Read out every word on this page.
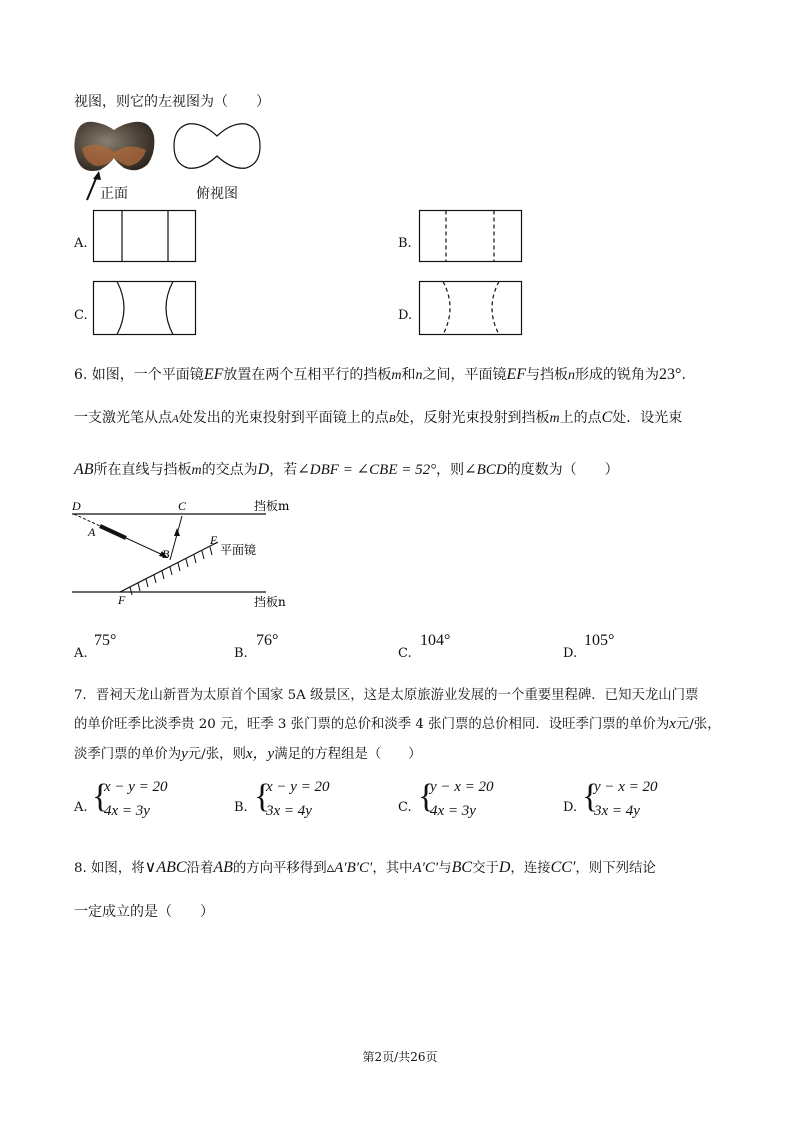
视图，则它的左视图为（　　）
正面	俯视图
A.	B.
C.	D.
6. 如图，一个平面镜EF放置在两个互相平行的挡板m和n之间，平面镜EF与挡板n形成的锐角为23°.
一支激光笔从点A处发出的光束投射到平面镜上的点B处，反射光束投射到挡板m上的点C处．设光束
AB所在直线与挡板m的交点为D，若∠DBF = ∠CBE = 52°，则∠BCD的度数为（　　）
D	C
A
B
E
F
挡板m
挡板n
平面镜
A.
75°
B.
76°
C.
104°
D.
105°
7．晋祠天龙山新晋为太原首个国家 5A 级景区，这是太原旅游业发展的一个重要里程碑．已知天龙山门票
的单价旺季比淡季贵 20 元，旺季 3 张门票的总价和淡季 4 张门票的总价相同．设旺季门票的单价为x元/张，
淡季门票的单价为y元/张，则x，y满足的方程组是（　　）
A. {
x − y = 20
4x = 3y	B. {
x − y = 20
3x = 4y	C. {
y − x = 20
4x = 3y	D. {
y − x = 20
3x = 4y
8. 如图，将∨ABC沿着AB的方向平移得到▵A′B′C′，其中A′C′与BC交于D，连接CC′，则下列结论
一定成立的是（　　）
第2页/共26页
